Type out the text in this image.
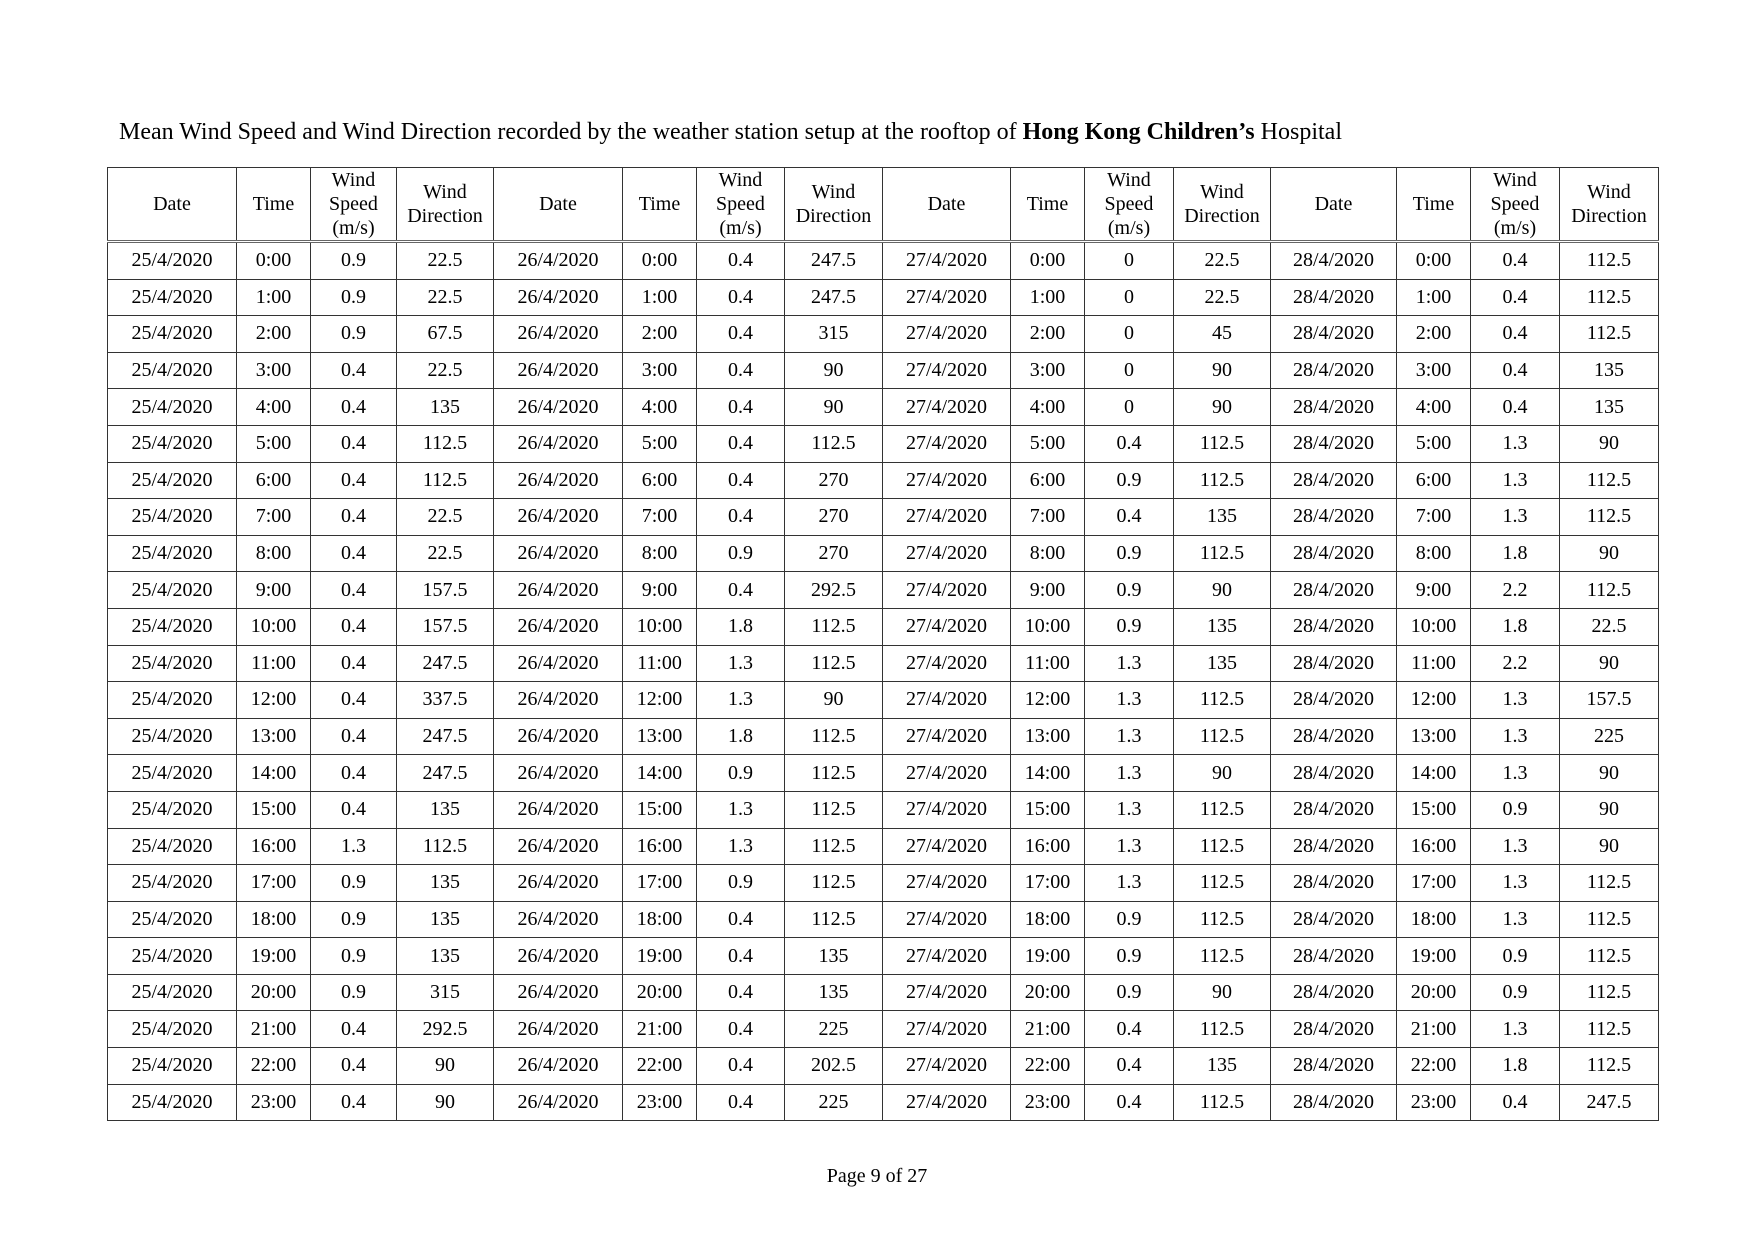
Mean Wind Speed and Wind Direction recorded by the weather station setup at the rooftop of Hong Kong Children’s Hospital
Date	Time	Wind Speed (m/s)	Wind Direction	Date	Time	Wind Speed (m/s)	Wind Direction	Date	Time	Wind Speed (m/s)	Wind Direction	Date	Time	Wind Speed (m/s)	Wind Direction
25/4/2020	0:00	0.9	22.5	26/4/2020	0:00	0.4	247.5	27/4/2020	0:00	0	22.5	28/4/2020	0:00	0.4	112.5
25/4/2020	1:00	0.9	22.5	26/4/2020	1:00	0.4	247.5	27/4/2020	1:00	0	22.5	28/4/2020	1:00	0.4	112.5
25/4/2020	2:00	0.9	67.5	26/4/2020	2:00	0.4	315	27/4/2020	2:00	0	45	28/4/2020	2:00	0.4	112.5
25/4/2020	3:00	0.4	22.5	26/4/2020	3:00	0.4	90	27/4/2020	3:00	0	90	28/4/2020	3:00	0.4	135
25/4/2020	4:00	0.4	135	26/4/2020	4:00	0.4	90	27/4/2020	4:00	0	90	28/4/2020	4:00	0.4	135
25/4/2020	5:00	0.4	112.5	26/4/2020	5:00	0.4	112.5	27/4/2020	5:00	0.4	112.5	28/4/2020	5:00	1.3	90
25/4/2020	6:00	0.4	112.5	26/4/2020	6:00	0.4	270	27/4/2020	6:00	0.9	112.5	28/4/2020	6:00	1.3	112.5
25/4/2020	7:00	0.4	22.5	26/4/2020	7:00	0.4	270	27/4/2020	7:00	0.4	135	28/4/2020	7:00	1.3	112.5
25/4/2020	8:00	0.4	22.5	26/4/2020	8:00	0.9	270	27/4/2020	8:00	0.9	112.5	28/4/2020	8:00	1.8	90
25/4/2020	9:00	0.4	157.5	26/4/2020	9:00	0.4	292.5	27/4/2020	9:00	0.9	90	28/4/2020	9:00	2.2	112.5
25/4/2020	10:00	0.4	157.5	26/4/2020	10:00	1.8	112.5	27/4/2020	10:00	0.9	135	28/4/2020	10:00	1.8	22.5
25/4/2020	11:00	0.4	247.5	26/4/2020	11:00	1.3	112.5	27/4/2020	11:00	1.3	135	28/4/2020	11:00	2.2	90
25/4/2020	12:00	0.4	337.5	26/4/2020	12:00	1.3	90	27/4/2020	12:00	1.3	112.5	28/4/2020	12:00	1.3	157.5
25/4/2020	13:00	0.4	247.5	26/4/2020	13:00	1.8	112.5	27/4/2020	13:00	1.3	112.5	28/4/2020	13:00	1.3	225
25/4/2020	14:00	0.4	247.5	26/4/2020	14:00	0.9	112.5	27/4/2020	14:00	1.3	90	28/4/2020	14:00	1.3	90
25/4/2020	15:00	0.4	135	26/4/2020	15:00	1.3	112.5	27/4/2020	15:00	1.3	112.5	28/4/2020	15:00	0.9	90
25/4/2020	16:00	1.3	112.5	26/4/2020	16:00	1.3	112.5	27/4/2020	16:00	1.3	112.5	28/4/2020	16:00	1.3	90
25/4/2020	17:00	0.9	135	26/4/2020	17:00	0.9	112.5	27/4/2020	17:00	1.3	112.5	28/4/2020	17:00	1.3	112.5
25/4/2020	18:00	0.9	135	26/4/2020	18:00	0.4	112.5	27/4/2020	18:00	0.9	112.5	28/4/2020	18:00	1.3	112.5
25/4/2020	19:00	0.9	135	26/4/2020	19:00	0.4	135	27/4/2020	19:00	0.9	112.5	28/4/2020	19:00	0.9	112.5
25/4/2020	20:00	0.9	315	26/4/2020	20:00	0.4	135	27/4/2020	20:00	0.9	90	28/4/2020	20:00	0.9	112.5
25/4/2020	21:00	0.4	292.5	26/4/2020	21:00	0.4	225	27/4/2020	21:00	0.4	112.5	28/4/2020	21:00	1.3	112.5
25/4/2020	22:00	0.4	90	26/4/2020	22:00	0.4	202.5	27/4/2020	22:00	0.4	135	28/4/2020	22:00	1.8	112.5
25/4/2020	23:00	0.4	90	26/4/2020	23:00	0.4	225	27/4/2020	23:00	0.4	112.5	28/4/2020	23:00	0.4	247.5
Page 9 of 27
